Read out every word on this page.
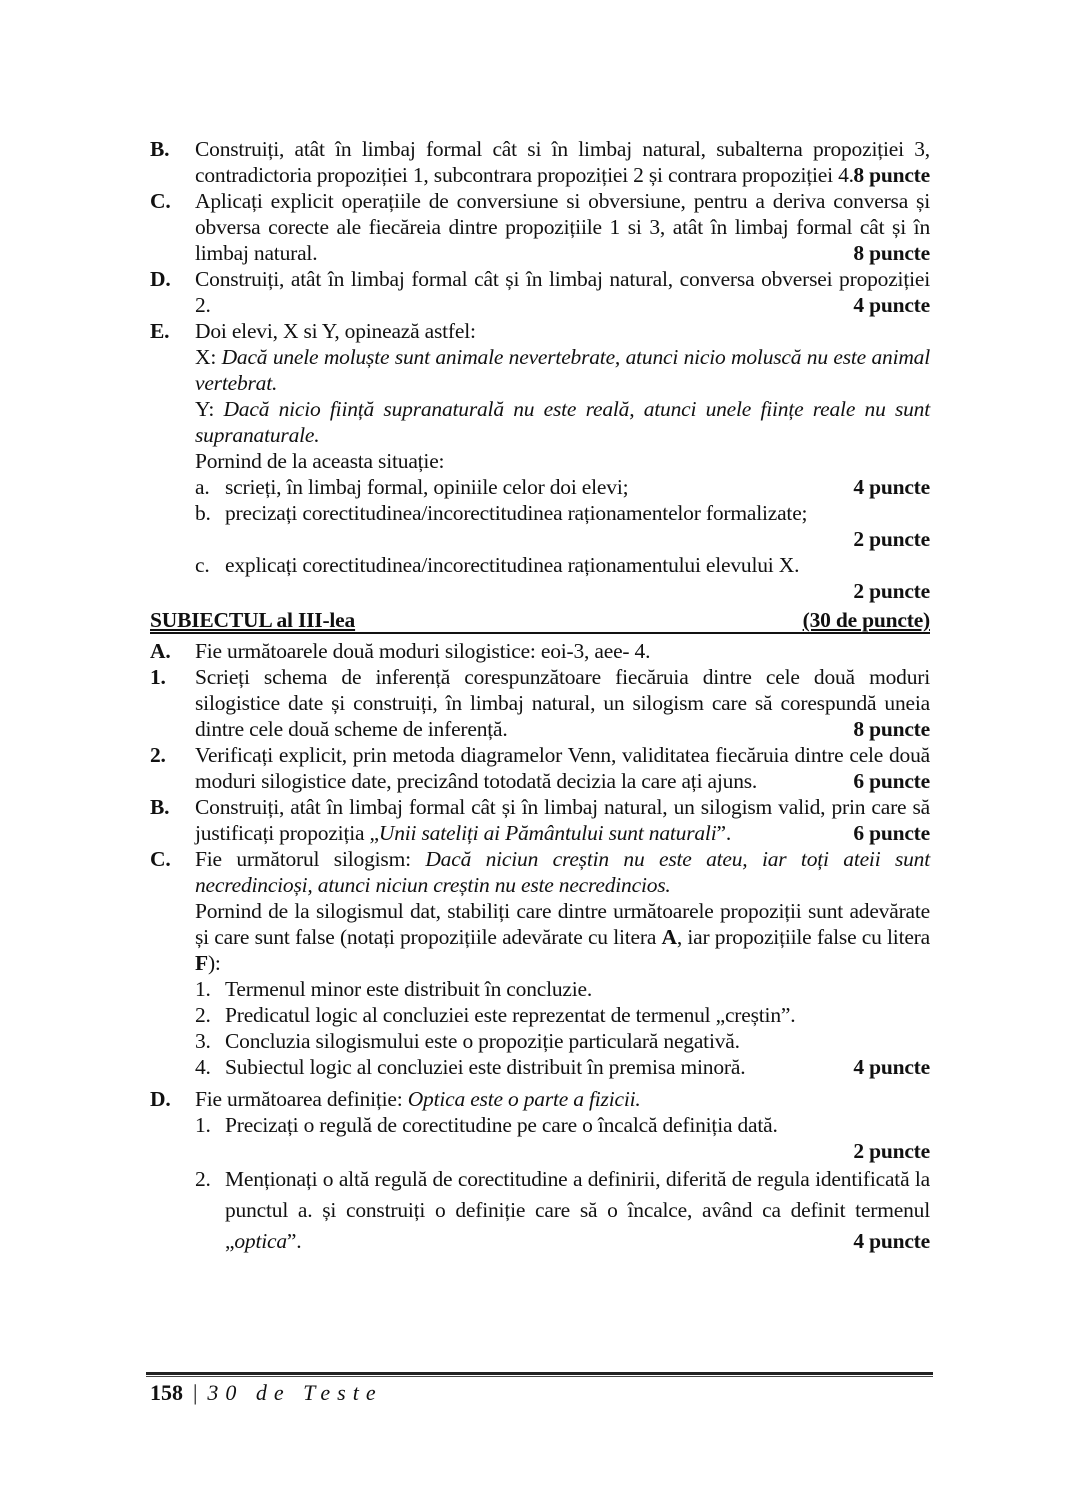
B. Construiți, atât în limbaj formal cât si în limbaj natural, subalterna propoziției 3, contradictoria propoziției 1, subcontrara propoziției 2 și contrara propoziției 4. 8 puncte
C. Aplicați explicit operațiile de conversiune si obversiune, pentru a deriva conversa și obversa corecte ale fiecăreia dintre propozițiile 1 si 3, atât în limbaj formal cât și în limbaj natural.	8 puncte
D. Construiți, atât în limbaj formal cât și în limbaj natural, conversa obversei propoziției 2.	4 puncte
E. Doi elevi, X si Y, opinează astfel:
X: Dacă unele moluște sunt animale nevertebrate, atunci nicio moluscă nu este animal vertebrat.
Y: Dacă nicio ființă supranaturală nu este reală, atunci unele ființe reale nu sunt supranaturale.
Pornind de la aceasta situație:
a. scrieți, în limbaj formal, opiniile celor doi elevi;	4 puncte
b. precizați corectitudinea/incorectitudinea raționamentelor formalizate;
2 puncte
c. explicați corectitudinea/incorectitudinea raționamentului elevului X.
2 puncte
SUBIECTUL al III-lea	(30 de puncte)
A. Fie următoarele două moduri silogistice: eoi-3, aee- 4.
1. Scrieți schema de inferență corespunzătoare fiecăruia dintre cele două moduri silogistice date și construiți, în limbaj natural, un silogism care să corespundă uneia dintre cele două scheme de inferență.	8 puncte
2. Verificați explicit, prin metoda diagramelor Venn, validitatea fiecăruia dintre cele două moduri silogistice date, precizând totodată decizia la care ați ajuns.	6 puncte
B. Construiți, atât în limbaj formal cât și în limbaj natural, un silogism valid, prin care să justificați propoziția „Unii sateliți ai Pământului sunt naturali”.	6 puncte
C. Fie următorul silogism: Dacă niciun creștin nu este ateu, iar toți ateii sunt necredincioși, atunci niciun creștin nu este necredincios.
Pornind de la silogismul dat, stabiliți care dintre următoarele propoziții sunt adevărate și care sunt false (notați propozițiile adevărate cu litera A, iar propozițiile false cu litera F):
1. Termenul minor este distribuit în concluzie.
2. Predicatul logic al concluziei este reprezentat de termenul „creștin”.
3. Concluzia silogismului este o propoziție particulară negativă.
4. Subiectul logic al concluziei este distribuit în premisa minoră.	4 puncte
D. Fie următoarea definiție: Optica este o parte a fizicii.
1. Precizați o regulă de corectitudine pe care o încalcă definiția dată.
2 puncte
2. Menționați o altă regulă de corectitudine a definirii, diferită de regula identificată la punctul a. și construiți o definiție care să o încalce, având ca definit termenul „optica”.	4 puncte
158 | 30 de Teste
